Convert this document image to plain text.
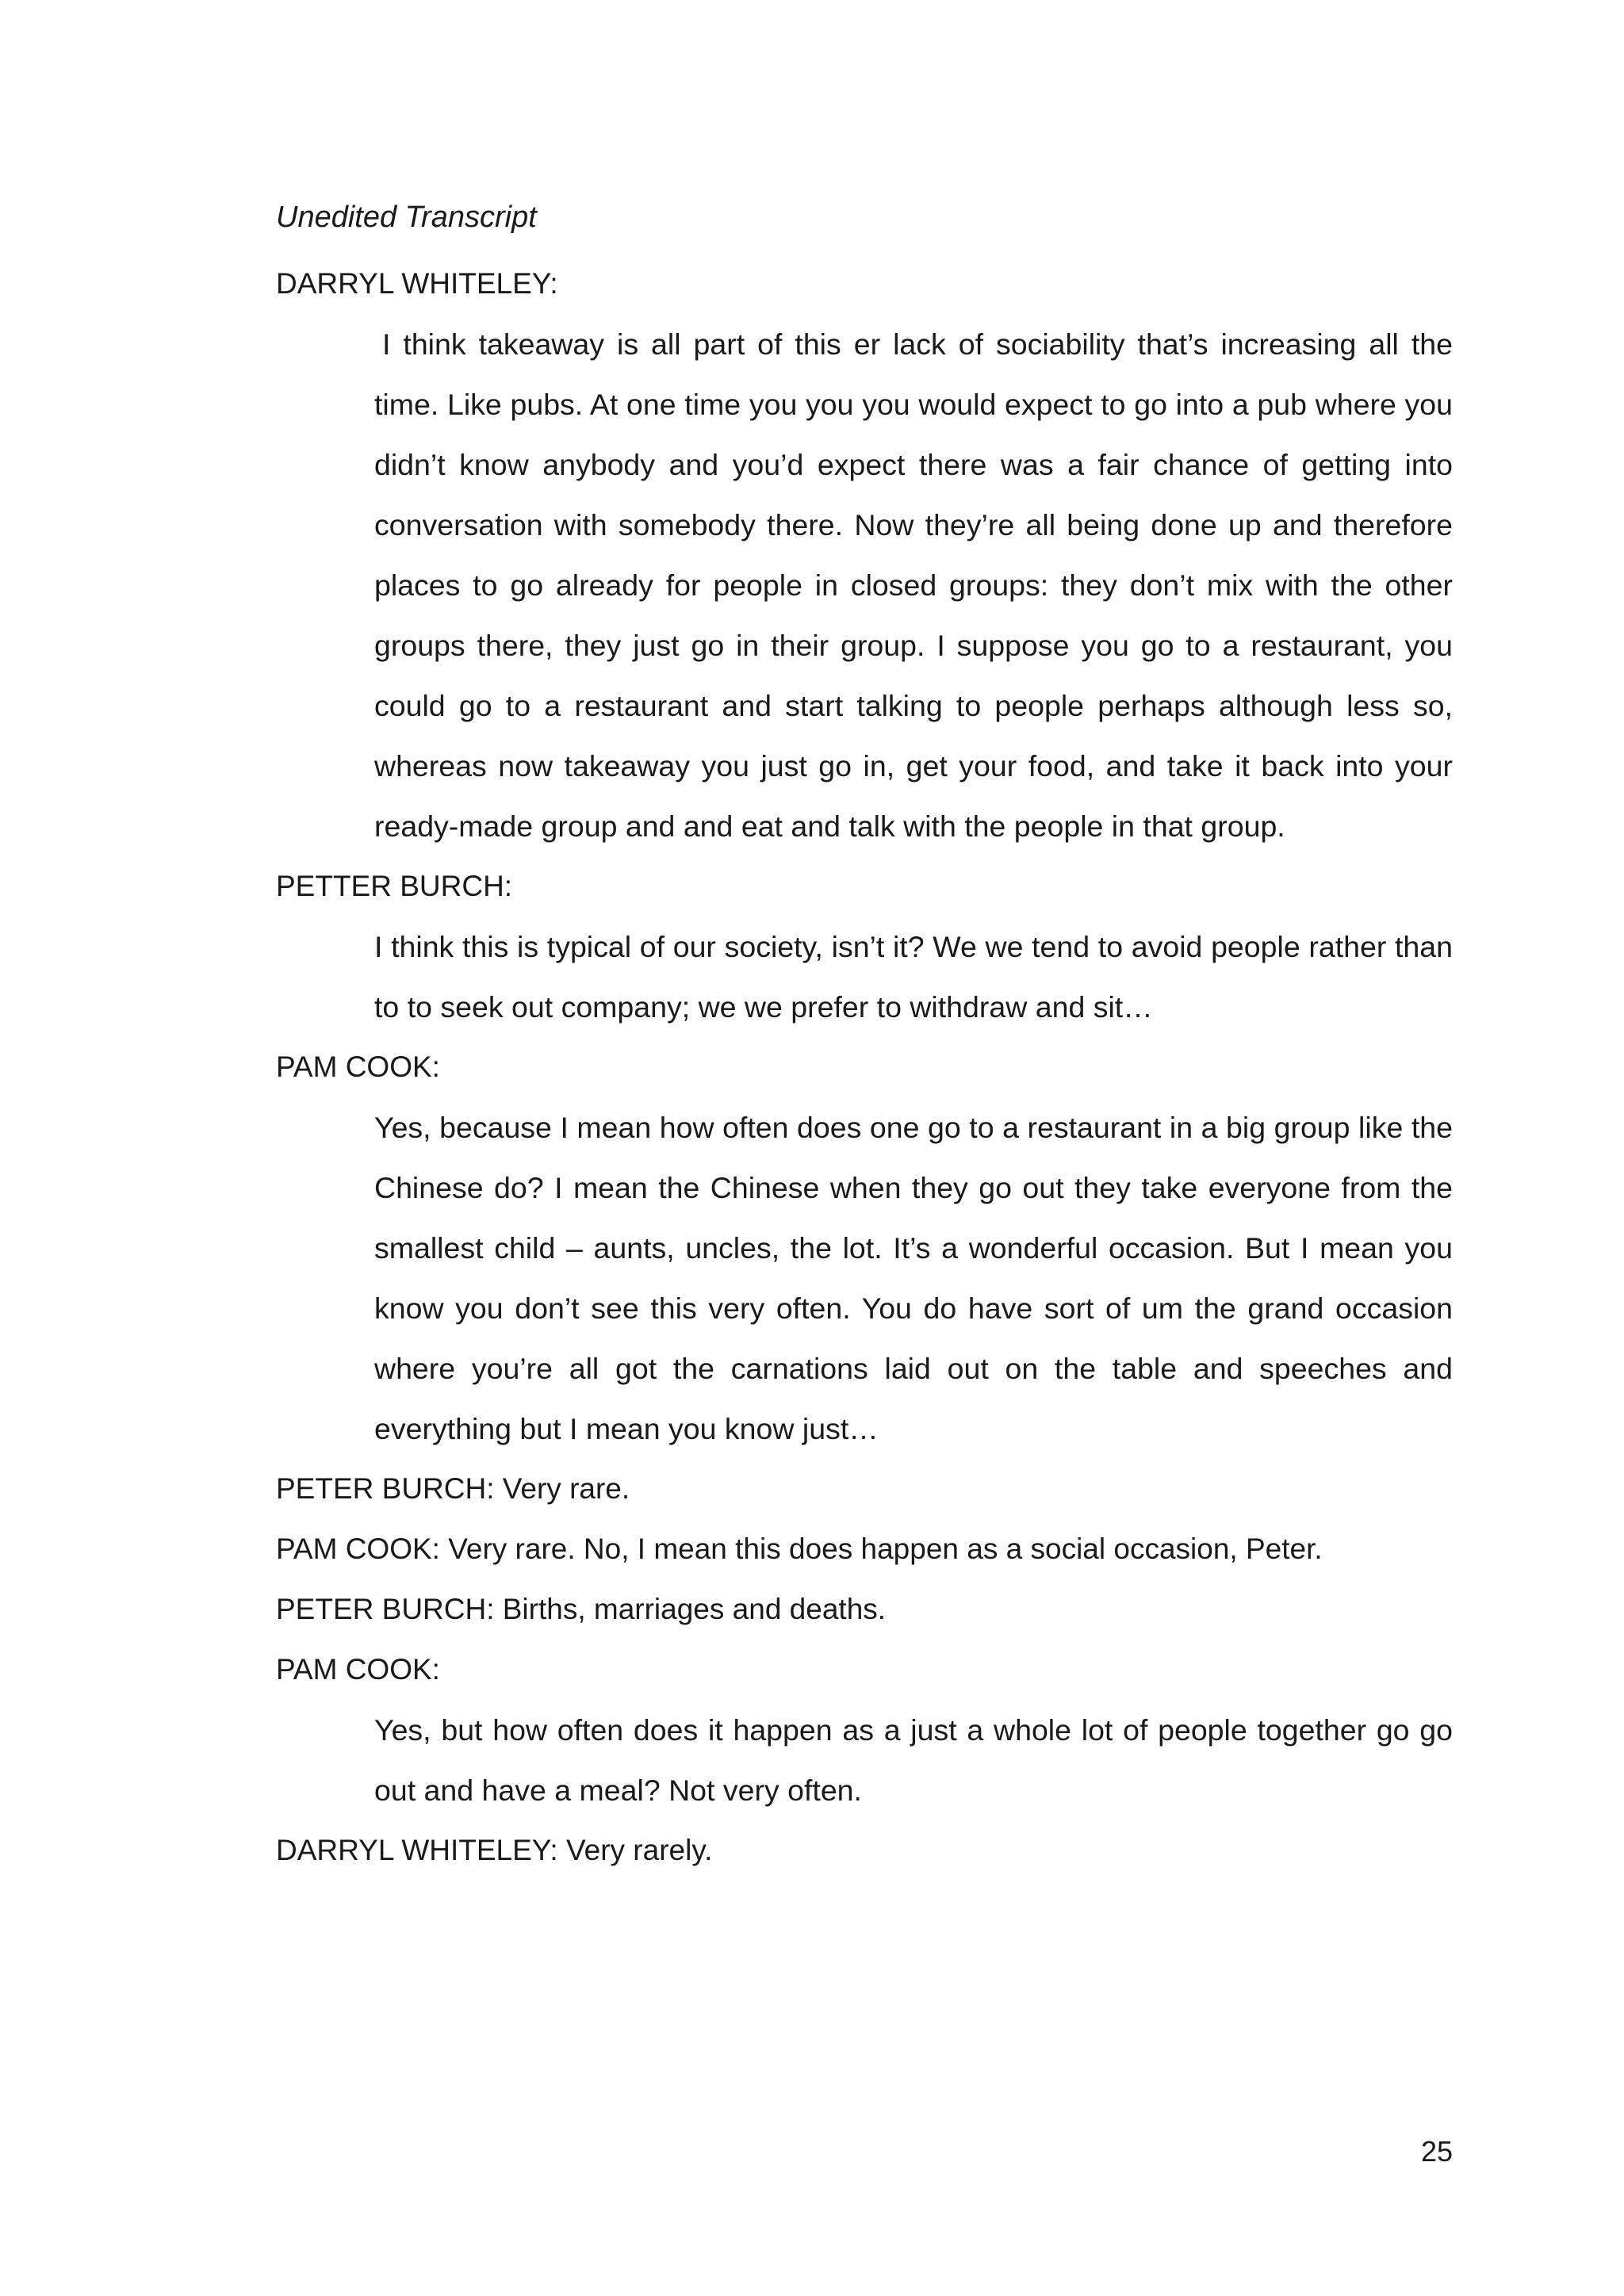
Unedited Transcript

DARRYL WHITELEY:

I think takeaway is all part of this er lack of sociability that’s increasing all the time. Like pubs. At one time you you you would expect to go into a pub where you didn’t know anybody and you’d expect there was a fair chance of getting into conversation with somebody there. Now they’re all being done up and therefore places to go already for people in closed groups: they don’t mix with the other groups there, they just go in their group. I suppose you go to a restaurant, you could go to a restaurant and start talking to people perhaps although less so, whereas now takeaway you just go in, get your food, and take it back into your ready-made group and and eat and talk with the people in that group.

PETTER BURCH:

I think this is typical of our society, isn’t it? We we tend to avoid people rather than to to seek out company; we we prefer to withdraw and sit…

PAM COOK:

Yes, because I mean how often does one go to a restaurant in a big group like the Chinese do? I mean the Chinese when they go out they take everyone from the smallest child – aunts, uncles, the lot. It’s a wonderful occasion. But I mean you know you don’t see this very often. You do have sort of um the grand occasion where you’re all got the carnations laid out on the table and speeches and everything but I mean you know just…

PETER BURCH: Very rare.

PAM COOK: Very rare. No, I mean this does happen as a social occasion, Peter.

PETER BURCH: Births, marriages and deaths.

PAM COOK:

Yes, but how often does it happen as a just a whole lot of people together go go out and have a meal? Not very often.

DARRYL WHITELEY: Very rarely.

25
